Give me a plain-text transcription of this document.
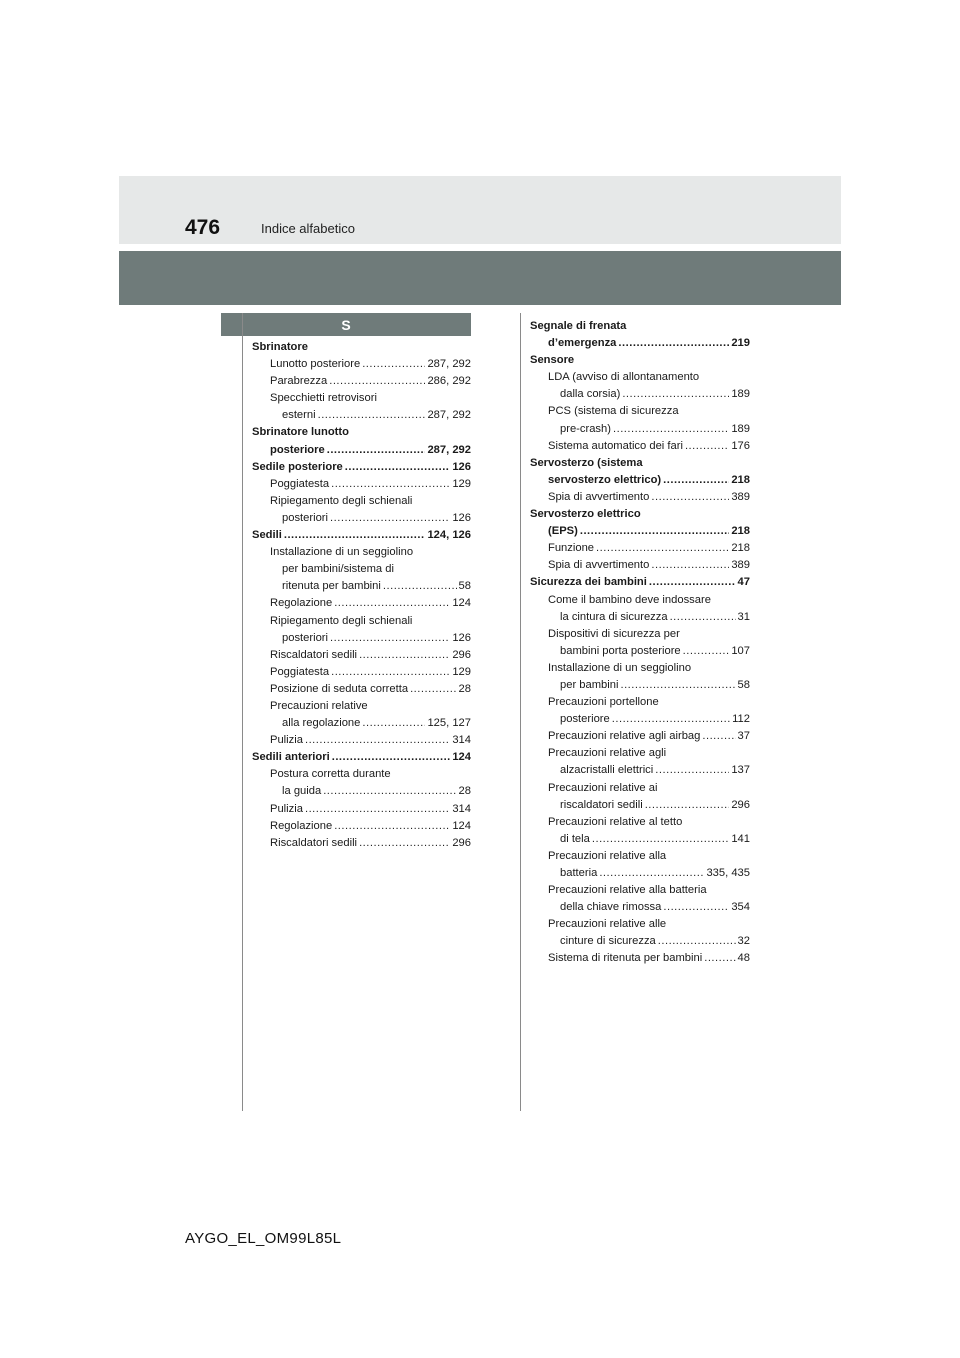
476	Indice alfabetico
S
Sbrinatore
Lunotto posteriore .....	287, 292
Parabrezza .....	286, 292
Specchietti retrovisori
esterni .....	287, 292
Sbrinatore lunotto
posteriore .....	287, 292
Sedile posteriore .....	126
Poggiatesta .....	129
Ripiegamento degli schienali
posteriori .....	126
Sedili .....	124, 126
Installazione di un seggiolino
per bambini/sistema di
ritenuta per bambini .....	58
Regolazione .....	124
Ripiegamento degli schienali
posteriori .....	126
Riscaldatori sedili .....	296
Poggiatesta .....	129
Posizione di seduta corretta .....	28
Precauzioni relative
alla regolazione .....	125, 127
Pulizia .....	314
Sedili anteriori .....	124
Postura corretta durante
la guida .....	28
Pulizia .....	314
Regolazione .....	124
Riscaldatori sedili .....	296
Segnale di frenata
d’emergenza .....	219
Sensore
LDA (avviso di allontanamento
dalla corsia) .....	189
PCS (sistema di sicurezza
pre-crash) .....	189
Sistema automatico dei fari .....	176
Servosterzo (sistema
servosterzo elettrico) .....	218
Spia di avvertimento .....	389
Servosterzo elettrico
(EPS) .....	218
Funzione .....	218
Spia di avvertimento .....	389
Sicurezza dei bambini .....	47
Come il bambino deve indossare
la cintura di sicurezza .....	31
Dispositivi di sicurezza per
bambini porta posteriore .....	107
Installazione di un seggiolino
per bambini .....	58
Precauzioni portellone
posteriore .....	112
Precauzioni relative agli airbag .....	37
Precauzioni relative agli
alzacristalli elettrici .....	137
Precauzioni relative ai
riscaldatori sedili .....	296
Precauzioni relative al tetto
di tela .....	141
Precauzioni relative alla
batteria .....	335, 435
Precauzioni relative alla batteria
della chiave rimossa .....	354
Precauzioni relative alle
cinture di sicurezza .....	32
Sistema di ritenuta per bambini .....	48
AYGO_EL_OM99L85L
